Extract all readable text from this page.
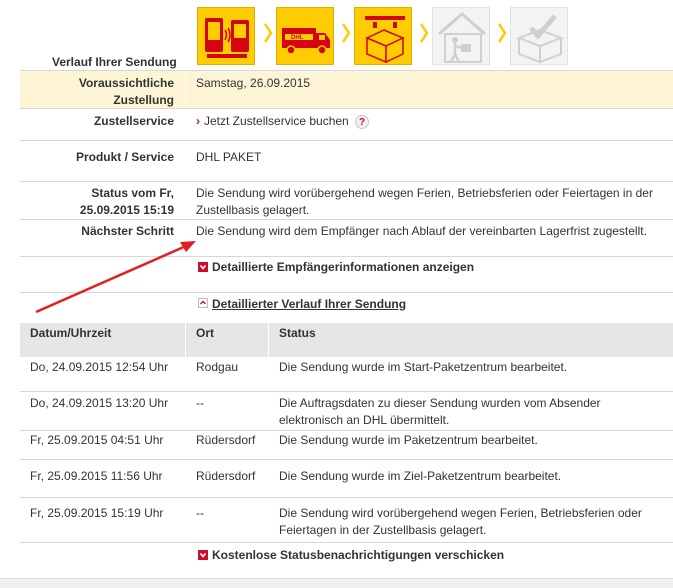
Verlauf Ihrer Sendung
DHL
Voraussichtliche
Zustellung
Samstag, 26.09.2015
Zustellservice › Jetzt Zustellservice buchen ?
Produkt / Service DHL PAKET
Status vom Fr,
25.09.2015 15:19
Die Sendung wird vorübergehend wegen Ferien, Betriebsferien oder Feiertagen in der
Zustellbasis gelagert.
Nächster Schritt Die Sendung wird dem Empfänger nach Ablauf der vereinbarten Lagerfrist zugestellt.
Detaillierte Empfängerinformationen anzeigen
Detaillierter Verlauf Ihrer Sendung
Datum/Uhrzeit	Ort	Status
Do, 24.09.2015 12:54 Uhr Rodgau	Die Sendung wurde im Start-Paketzentrum bearbeitet.
Do, 24.09.2015 13:20 Uhr --	Die Auftragsdaten zu dieser Sendung wurden vom Absender
elektronisch an DHL übermittelt.
Fr, 25.09.2015 04:51 Uhr	Rüdersdorf Die Sendung wurde im Paketzentrum bearbeitet.
Fr, 25.09.2015 11:56 Uhr	Rüdersdorf Die Sendung wurde im Ziel-Paketzentrum bearbeitet.
Fr, 25.09.2015 15:19 Uhr	--	Die Sendung wird vorübergehend wegen Ferien, Betriebsferien oder
Feiertagen in der Zustellbasis gelagert.
Kostenlose Statusbenachrichtigungen verschicken
